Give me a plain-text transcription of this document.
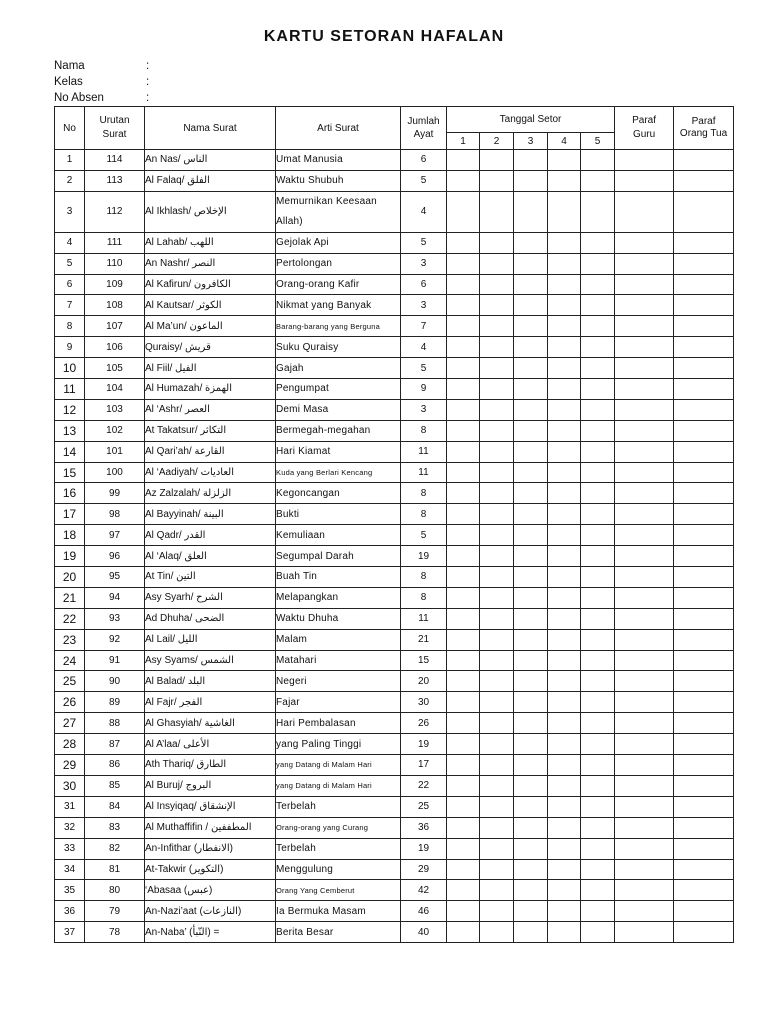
KARTU SETORAN HAFALAN
Nama	:
Kelas	:
No Absen	:
No	Urutan Surat	Nama Surat	Arti Surat	Jumlah Ayat	Tanggal Setor					Paraf Guru	Paraf Orang Tua
					1	2	3	4	5		
1	114	An Nas/ الناس	Umat Manusia	6							
2	113	Al Falaq/ الفلق	Waktu Shubuh	5							
3	112	Al Ikhlash/ الإخلاص	Memurnikan Keesaan Allah)	4							
4	111	Al Lahab/ اللهب	Gejolak Api	5							
5	110	An Nashr/ النصر	Pertolongan	3							
6	109	Al Kafirun/ الكافرون	Orang-orang Kafir	6							
7	108	Al Kautsar/ الكوثر	Nikmat yang Banyak	3							
8	107	Al Ma’un/ الماعون	Barang-barang yang Berguna	7							
9	106	Quraisy/ قريش	Suku Quraisy	4							
10	105	Al Fiil/ الفيل	Gajah	5							
11	104	Al Humazah/ الهمزة	Pengumpat	9							
12	103	Al ‘Ashr/ العصر	Demi Masa	3							
13	102	At Takatsur/ التكاثر	Bermegah-megahan	8							
14	101	Al Qari’ah/ القارعة	Hari Kiamat	11							
15	100	Al ‘Aadiyah/ العاديات	Kuda yang Berlari Kencang	11							
16	99	Az Zalzalah/ الزلزلة	Kegoncangan	8							
17	98	Al Bayyinah/ البينة	Bukti	8							
18	97	Al Qadr/ القدر	Kemuliaan	5							
19	96	Al ‘Alaq/ العلق	Segumpal Darah	19							
20	95	At Tin/ التين	Buah Tin	8							
21	94	Asy Syarh/ الشرح	Melapangkan	8							
22	93	Ad Dhuha/ الضحى	Waktu Dhuha	11							
23	92	Al Lail/ الليل	Malam	21							
24	91	Asy Syams/ الشمس	Matahari	15							
25	90	Al Balad/ البلد	Negeri	20							
26	89	Al Fajr/ الفجر	Fajar	30							
27	88	Al Ghasyiah/ الغاشية	Hari Pembalasan	26							
28	87	Al A’laa/ الأعلى	yang Paling Tinggi	19							
29	86	Ath Thariq/ الطارق	yang Datang di Malam Hari	17							
30	85	Al Buruj/ البروج	yang Datang di Malam Hari	22							
31	84	Al Insyiqaq/ الإنشقاق	Terbelah	25							
32	83	Al Muthaffifin / المطففين	Orang-orang yang Curang	36							
33	82	An-Infithar (الانفطار)	Terbelah	19							
34	81	At-Takwir (التكوير)	Menggulung	29							
35	80	‘Abasaa (عبس)	Orang Yang Cemberut	42							
36	79	An-Nazi’aat (النازعات)	Ia Bermuka Masam	46							
37	78	An-Naba’ (النّبأ) =	Berita Besar	40							
